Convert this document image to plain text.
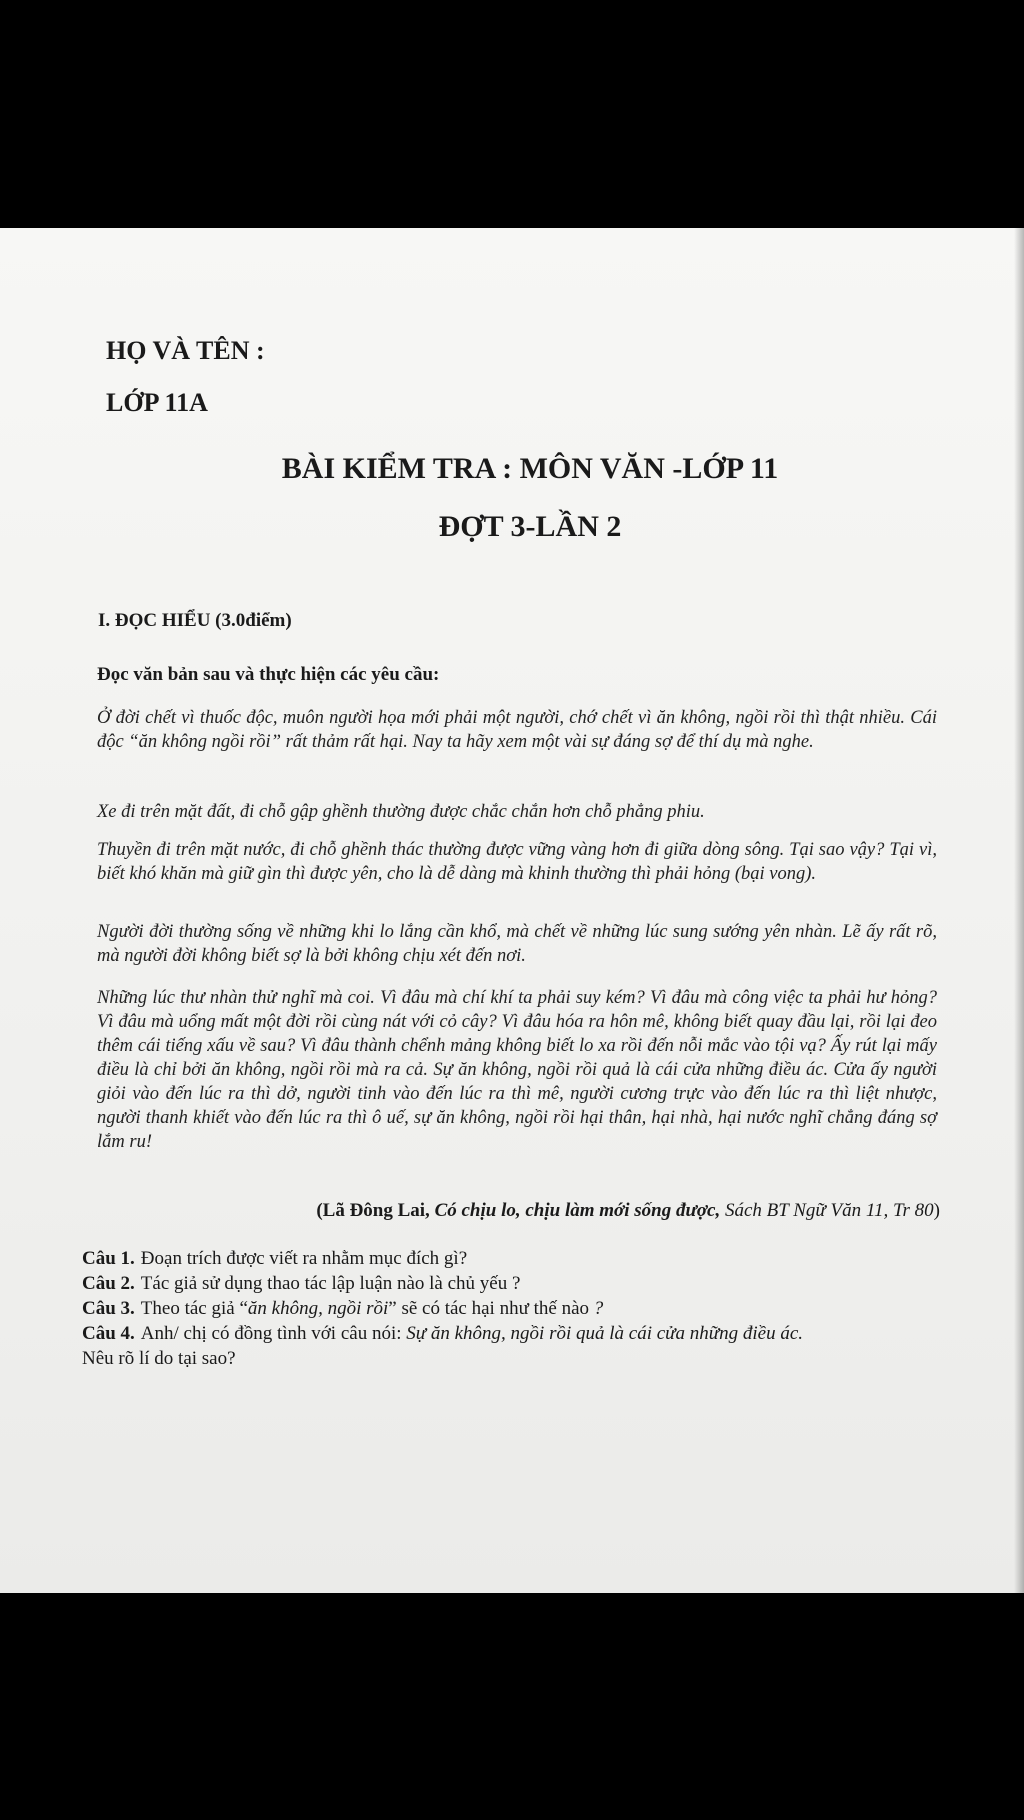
HỌ VÀ TÊN :
LỚP 11A
BÀI KIỂM TRA : MÔN VĂN -LỚP 11
ĐỢT 3-LẦN 2
I. ĐỌC HIỂU (3.0điểm)
Đọc văn bản sau và thực hiện các yêu cầu:

Ở đời chết vì thuốc độc, muôn người họa mới phải một người, chớ chết vì ăn không, ngồi rồi thì thật nhiều. Cái độc “ăn không ngồi rồi” rất thảm rất hại. Nay ta hãy xem một vài sự đáng sợ để thí dụ mà nghe.

Xe đi trên mặt đất, đi chỗ gập ghềnh thường được chắc chắn hơn chỗ phẳng phiu.

Thuyền đi trên mặt nước, đi chỗ ghềnh thác thường được vững vàng hơn đi giữa dòng sông. Tại sao vậy? Tại vì, biết khó khăn mà giữ gìn thì được yên, cho là dễ dàng mà khinh thường thì phải hỏng (bại vong).

Người đời thường sống về những khi lo lắng cần khổ, mà chết về những lúc sung sướng yên nhàn. Lẽ ấy rất rõ, mà người đời không biết sợ là bởi không chịu xét đến nơi.

Những lúc thư nhàn thử nghĩ mà coi. Vì đâu mà chí khí ta phải suy kém? Vì đâu mà công việc ta phải hư hỏng? Vì đâu mà uổng mất một đời rồi cùng nát với cỏ cây? Vì đâu hóa ra hôn mê, không biết quay đầu lại, rồi lại đeo thêm cái tiếng xấu về sau? Vì đâu thành chểnh mảng không biết lo xa rồi đến nỗi mắc vào tội vạ? Ấy rút lại mấy điều là chỉ bởi ăn không, ngồi rồi mà ra cả. Sự ăn không, ngồi rồi quả là cái cửa những điều ác. Cửa ấy người giỏi vào đến lúc ra thì dở, người tinh vào đến lúc ra thì mê, người cương trực vào đến lúc ra thì liệt nhược, người thanh khiết vào đến lúc ra thì ô uế, sự ăn không, ngồi rồi hại thân, hại nhà, hại nước nghĩ chẳng đáng sợ lắm ru!

(Lã Đông Lai, Có chịu lo, chịu làm mới sống được, Sách BT Ngữ Văn 11, Tr 80)

Câu 1. Đoạn trích được viết ra nhằm mục đích gì?

Câu 2. Tác giả sử dụng thao tác lập luận nào là chủ yếu ?

Câu 3. Theo tác giả “ăn không, ngồi rồi” sẽ có tác hại như thế nào ?

Câu 4. Anh/ chị có đồng tình với câu nói: Sự ăn không, ngồi rồi quả là cái cửa những điều ác.
Nêu rõ lí do tại sao?
